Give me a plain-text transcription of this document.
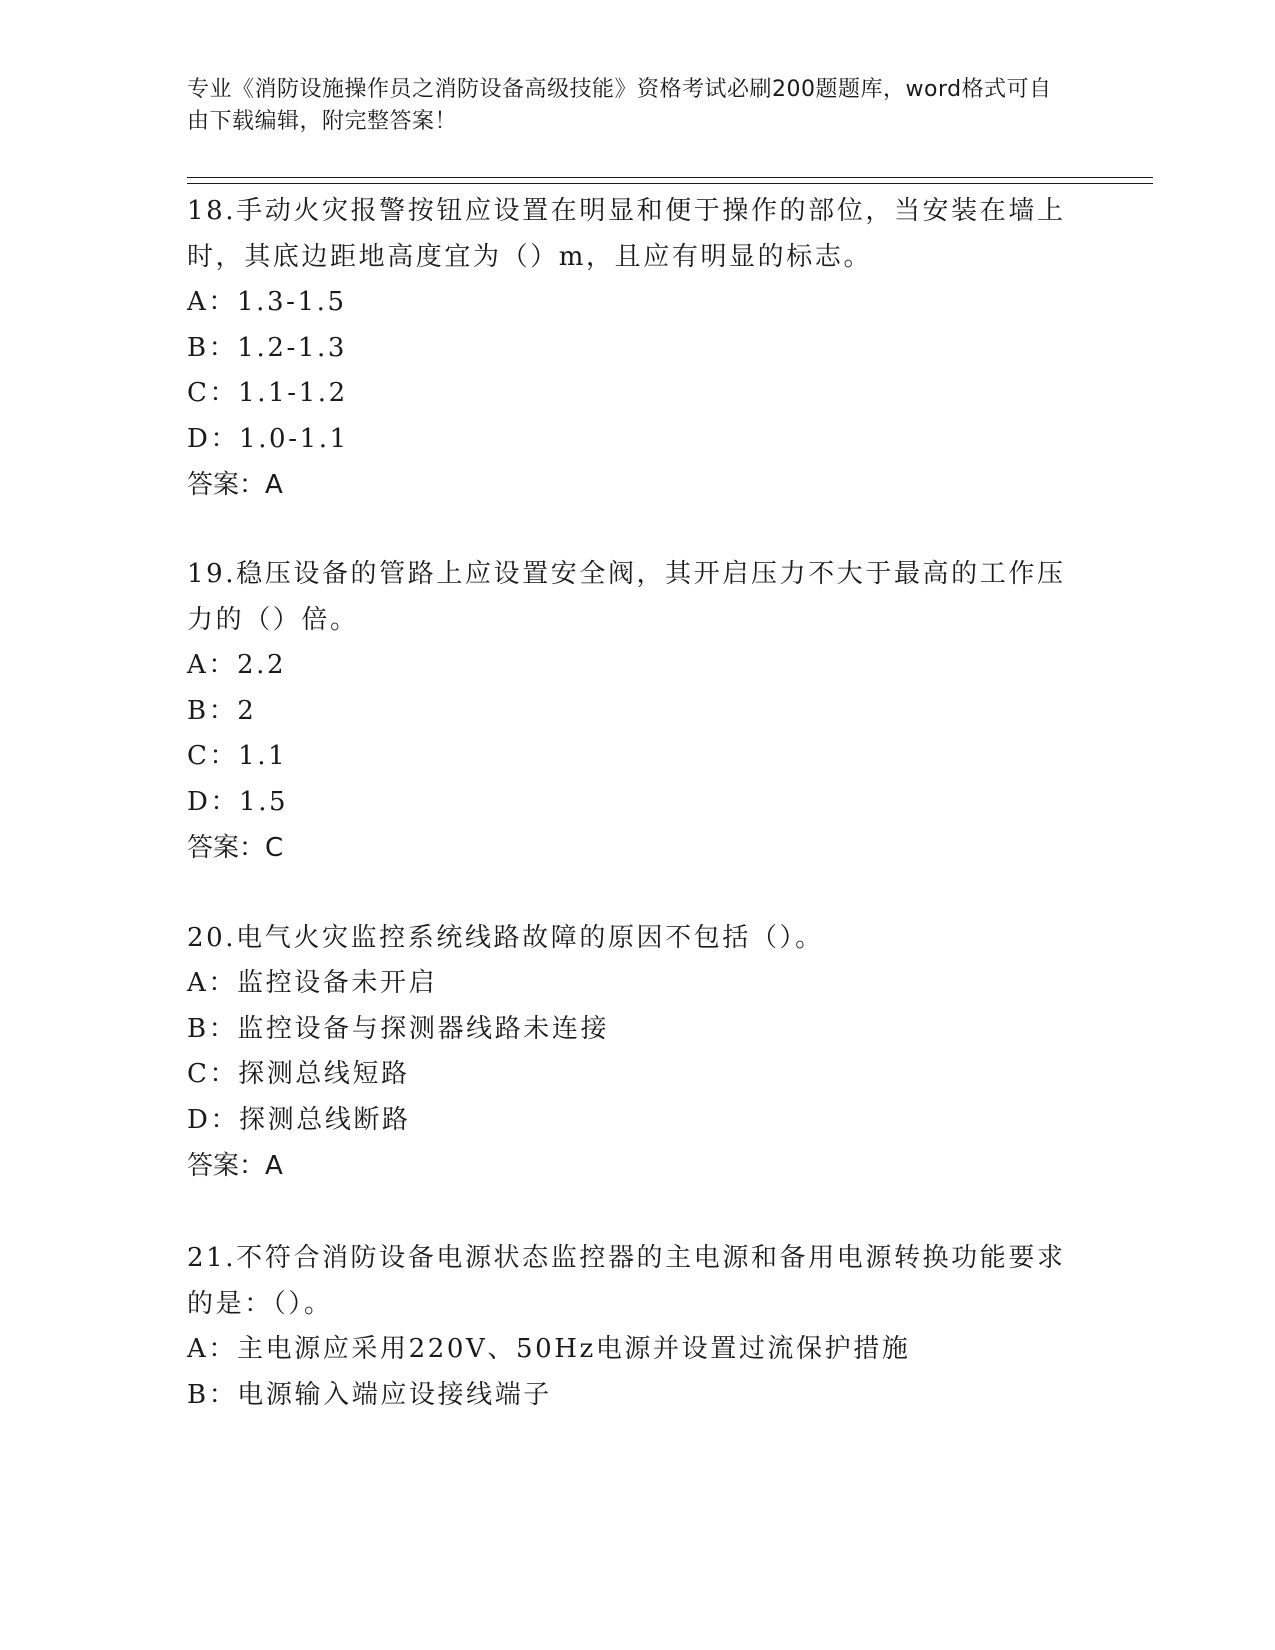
专业《消防设施操作员之消防设备高级技能》资格考试必刷200题题库，word格式可自由下载编辑，附完整答案！
18.手动火灾报警按钮应设置在明显和便于操作的部位，当安装在墙上时，其底边距地高度宜为（）m，且应有明显的标志。
A：1.3-1.5
B：1.2-1.3
C：1.1-1.2
D：1.0-1.1
答案：A
19.稳压设备的管路上应设置安全阀，其开启压力不大于最高的工作压力的（）倍。
A：2.2
B：2
C：1.1
D：1.5
答案：C
20.电气火灾监控系统线路故障的原因不包括（）。
A：监控设备未开启
B：监控设备与探测器线路未连接
C：探测总线短路
D：探测总线断路
答案：A
21.不符合消防设备电源状态监控器的主电源和备用电源转换功能要求的是：（）。
A：主电源应采用220V、50Hz电源并设置过流保护措施
B：电源输入端应设接线端子
